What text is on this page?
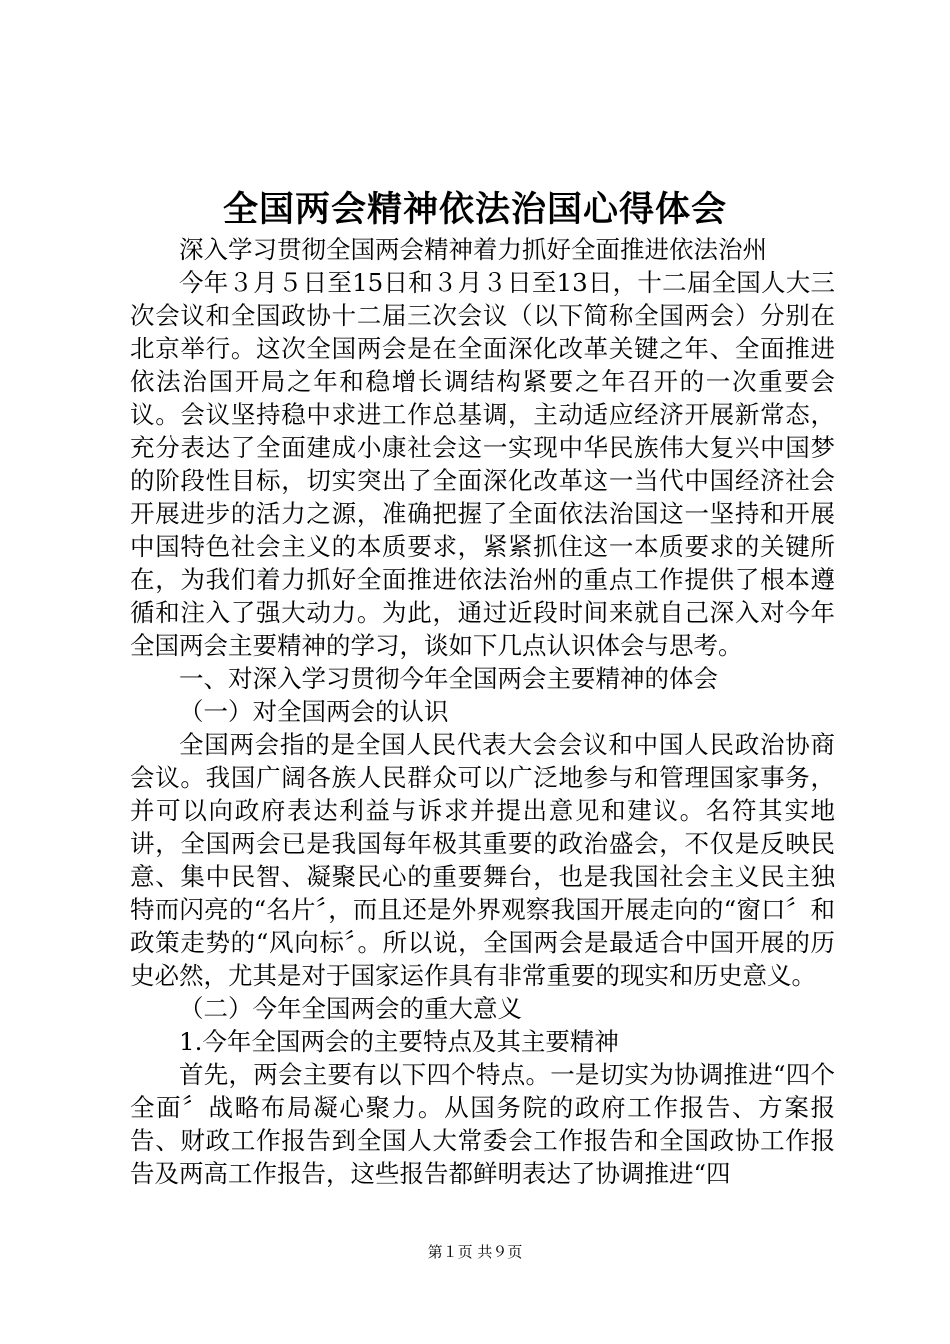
全国两会精神依法治国心得体会

深入学习贯彻全国两会精神着力抓好全面推进依法治州

今年３月５日至15日和３月３日至13日，十二届全国人大三次会议和全国政协十二届三次会议（以下简称全国两会）分别在北京举行。这次全国两会是在全面深化改革关键之年、全面推进依法治国开局之年和稳增长调结构紧要之年召开的一次重要会议。会议坚持稳中求进工作总基调，主动适应经济开展新常态，充分表达了全面建成小康社会这一实现中华民族伟大复兴中国梦的阶段性目标，切实突出了全面深化改革这一当代中国经济社会开展进步的活力之源，准确把握了全面依法治国这一坚持和开展中国特色社会主义的本质要求，紧紧抓住这一本质要求的关键所在，为我们着力抓好全面推进依法治州的重点工作提供了根本遵循和注入了强大动力。为此，通过近段时间来就自己深入对今年全国两会主要精神的学习，谈如下几点认识体会与思考。

一、对深入学习贯彻今年全国两会主要精神的体会

（一）对全国两会的认识

全国两会指的是全国人民代表大会会议和中国人民政治协商会议。我国广阔各族人民群众可以广泛地参与和管理国家事务，并可以向政府表达利益与诉求并提出意见和建议。名符其实地讲，全国两会已是我国每年极其重要的政治盛会，不仅是反映民意、集中民智、凝聚民心的重要舞台，也是我国社会主义民主独特而闪亮的“名片〞，而且还是外界观察我国开展走向的“窗口〞和政策走势的“风向标〞。所以说，全国两会是最适合中国开展的历史必然，尤其是对于国家运作具有非常重要的现实和历史意义。

（二）今年全国两会的重大意义

1.今年全国两会的主要特点及其主要精神

首先，两会主要有以下四个特点。一是切实为协调推进“四个全面〞战略布局凝心聚力。从国务院的政府工作报告、方案报告、财政工作报告到全国人大常委会工作报告和全国政协工作报告及两高工作报告，这些报告都鲜明表达了协调推进“四

第１页 共９页
